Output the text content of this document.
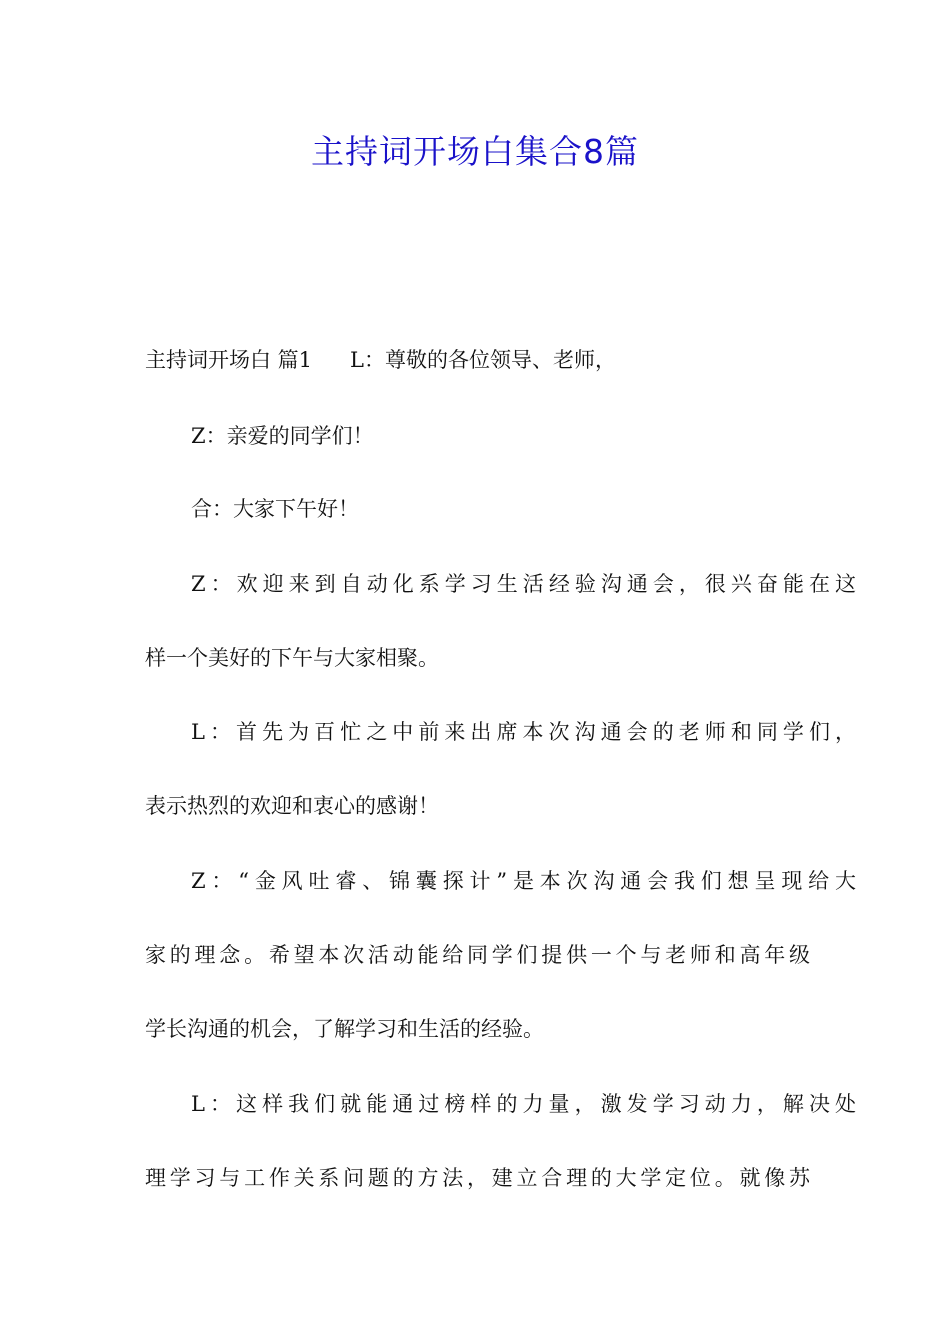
主持词开场白集合8篇
主持词开场白 篇1 L：尊敬的各位领导、老师，
Z：亲爱的同学们！
合：大家下午好！
Z：欢迎来到自动化系学习生活经验沟通会，很兴奋能在这
样一个美好的下午与大家相聚。
L：首先为百忙之中前来出席本次沟通会的老师和同学们，
表示热烈的欢迎和衷心的感谢！
Z：“金风吐睿、锦囊探计”是本次沟通会我们想呈现给大
家的理念。希望本次活动能给同学们提供一个与老师和高年级
学长沟通的机会，了解学习和生活的经验。
L：这样我们就能通过榜样的力量，激发学习动力，解决处
理学习与工作关系问题的方法，建立合理的大学定位。就像苏
